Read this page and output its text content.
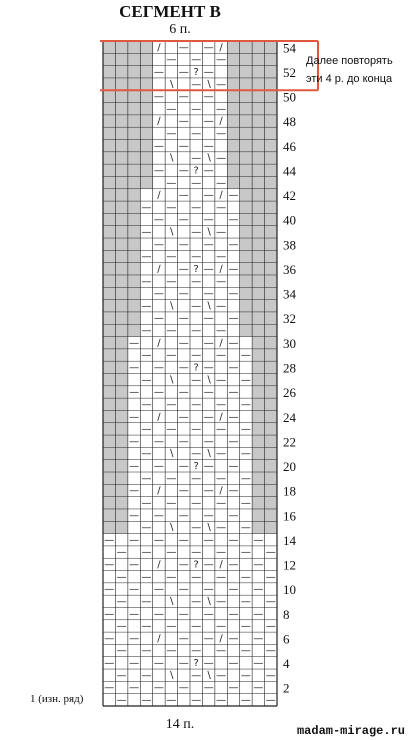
СЕГМЕНТ В
6 п.
— — — — — — —
— — — — — — —
— — ∖ — ∖ — — —
— — — — ? — — —
— — — — — — —
— — ∕ — — ∕ — —
— — — — — — —
— — — — — — —
— — ∖ — ∖ — — —
— — — — — — —
— — — — — — —
— — ∕ — ? — ∕ — —
— — — — — — —
— — — — — — —
— ∖ — ∖ — —
— — — — —
— — — — —
— ∕ — — ∕ —
— — — — —
— — — ? — —
— ∖ — ∖ — —
— — — — —
— — — — —
— ∕ — — ∕ —
— — — — —
— — — — —
— ∖ — ∖ — —
— — — ? — —
— — — — —
— ∕ — — ∕ —
— — — —
— — — —
— ∖ — ∖ —
— — — —
— — — —
∕ — ? — ∕ —
— — — —
— — — —
— ∖ — ∖ —
— — — —
— — — —
∕ — — ∕ —
— — —
— — ? —
∖ — ∖ —
— — —
— — —
∕ — — ∕
— — —
— — —
∖ — ∖ —
— — ? —
— — —
∕ — — ∕	54
52
50
48
46
44
42
40
38
36
34
32
30
28
26
24
22
20
18
16
14
12
10
8
6
4
2
Далее повторять
эти 4 р. до конца
1 (изн. ряд)
14 п.	madam-mirage.ru
